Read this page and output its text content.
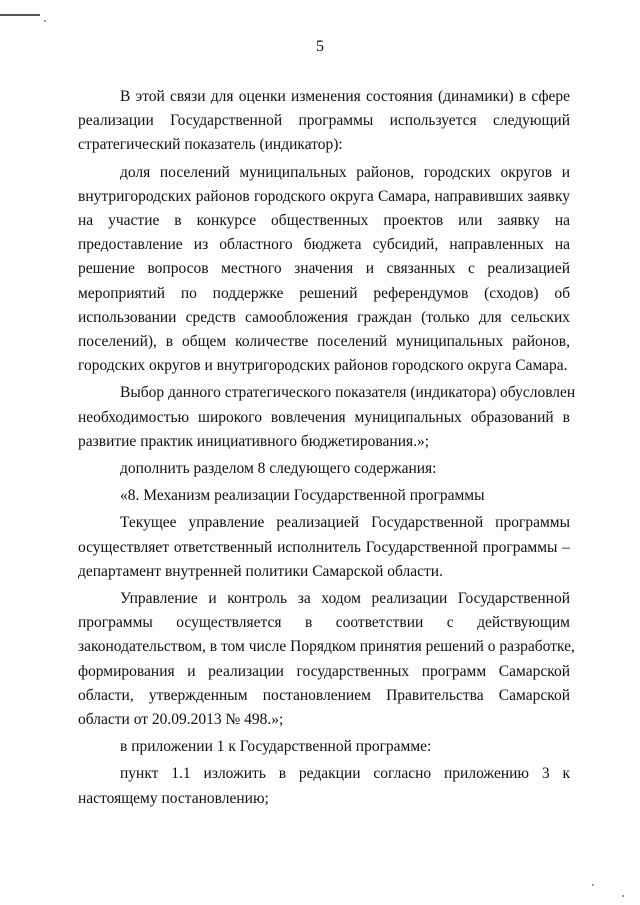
5
В этой связи для оценки изменения состояния (динамики) в сфере
реализации Государственной программы используется следующий
стратегический показатель (индикатор):
доля поселений муниципальных районов, городских округов и
внутригородских районов городского округа Самара, направивших заявку
на участие в конкурсе общественных проектов или заявку на
предоставление из областного бюджета субсидий, направленных на
решение вопросов местного значения и связанных с реализацией
мероприятий по поддержке решений референдумов (сходов) об
использовании средств самообложения граждан (только для сельских
поселений), в общем количестве поселений муниципальных районов,
городских округов и внутригородских районов городского округа Самара.
Выбор данного стратегического показателя (индикатора) обусловлен
необходимостью широкого вовлечения муниципальных образований в
развитие практик инициативного бюджетирования.»;
дополнить разделом 8 следующего содержания:
«8. Механизм реализации Государственной программы
Текущее управление реализацией Государственной программы
осуществляет ответственный исполнитель Государственной программы –
департамент внутренней политики Самарской области.
Управление и контроль за ходом реализации Государственной
программы осуществляется в соответствии с действующим
законодательством, в том числе Порядком принятия решений о разработке,
формирования и реализации государственных программ Самарской
области, утвержденным постановлением Правительства Самарской
области от 20.09.2013 № 498.»;
в приложении 1 к Государственной программе:
пункт 1.1 изложить в редакции согласно приложению 3 к
настоящему постановлению;
